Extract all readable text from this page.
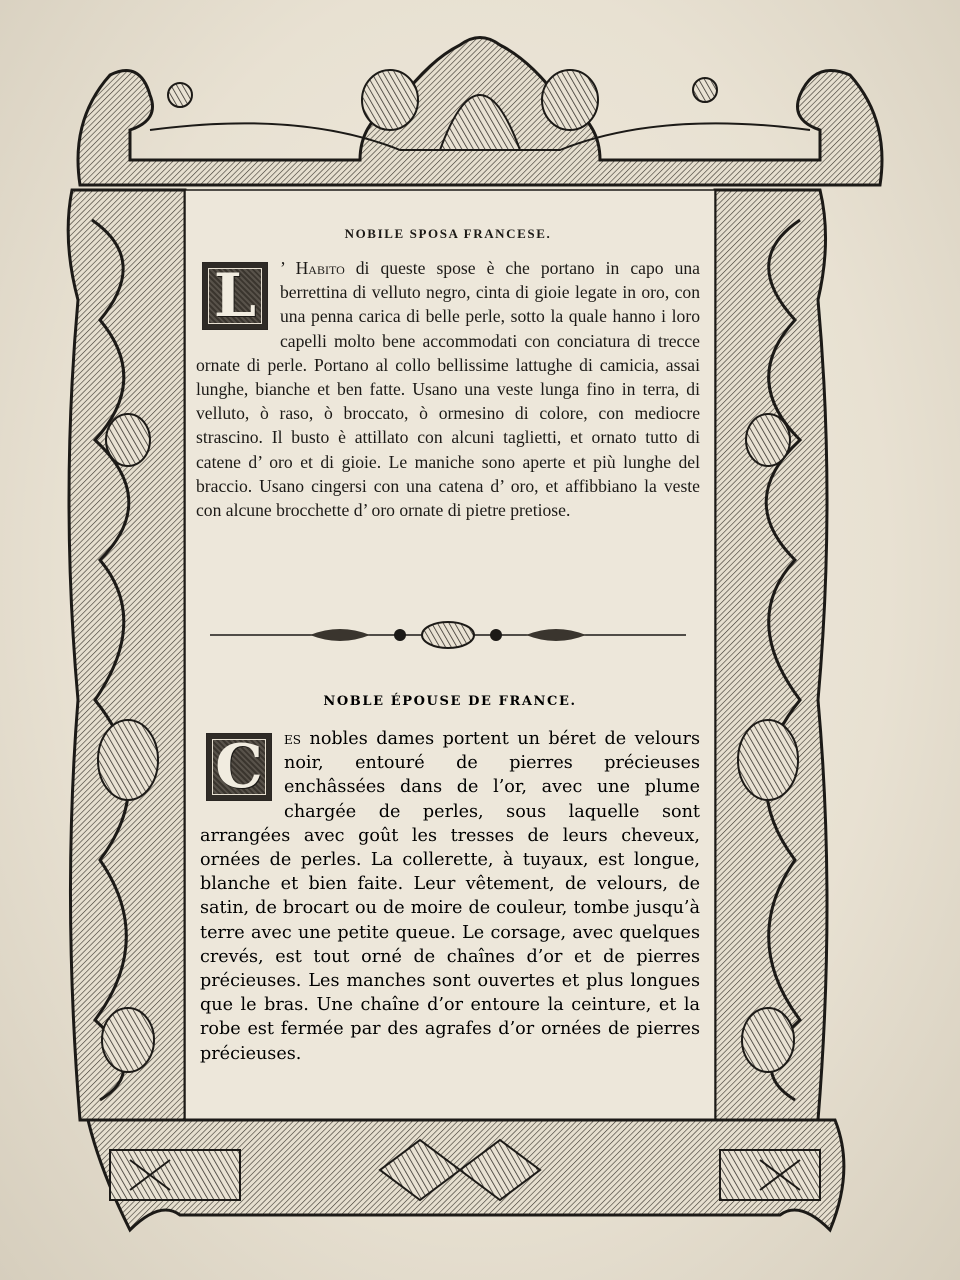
NOBILE SPOSA FRANCESE.

L ’ Habito di queste spose è che portano in capo una berrettina di velluto negro, cinta di gioie legate in oro, con una penna carica di belle perle, sotto la quale hanno i loro capelli molto bene accommodati con conciatura di trecce ornate di perle. Portano al collo bellissime lattughe di camicia, assai lunghe, bianche et ben fatte. Usano una veste lunga fino in terra, di velluto, ò raso, ò broccato, ò ormesino di colore, con mediocre strascino. Il busto è attillato con alcuni taglietti, et ornato tutto di catene d’ oro et di gioie. Le maniche sono aperte et più lunghe del braccio. Usano cingersi con una catena d’ oro, et affibbiano la veste con alcune brocchette d’ oro ornate di pietre pretiose.

NOBLE ÉPOUSE DE FRANCE.

C es nobles dames portent un béret de velours noir, entouré de pierres précieuses enchâssées dans de l’or, avec une plume chargée de perles, sous laquelle sont arrangées avec goût les tresses de leurs cheveux, ornées de perles. La collerette, à tuyaux, est longue, blanche et bien faite. Leur vêtement, de velours, de satin, de brocart ou de moire de couleur, tombe jusqu’à terre avec une petite queue. Le corsage, avec quelques crevés, est tout orné de chaînes d’or et de pierres précieuses. Les manches sont ouvertes et plus longues que le bras. Une chaîne d’or entoure la ceinture, et la robe est fermée par des agrafes d’or ornées de pierres précieuses.
